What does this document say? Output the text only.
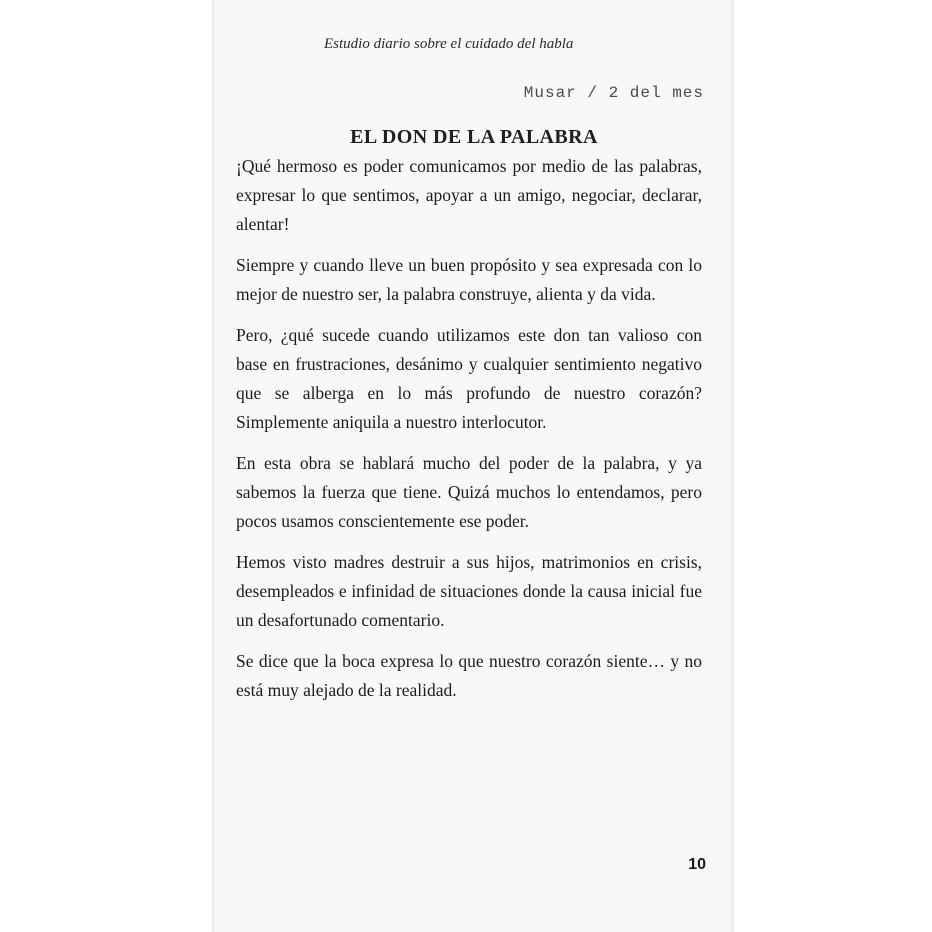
Estudio diario sobre el cuidado del habla
Musar / 2 del mes
EL DON DE LA PALABRA

¡Qué hermoso es poder comunicamos por medio de las palabras, expresar lo que sentimos, apoyar a un amigo, negociar, declarar, alentar!

Siempre y cuando lleve un buen propósito y sea expresada con lo mejor de nuestro ser, la palabra construye, alienta y da vida.

Pero, ¿qué sucede cuando utilizamos este don tan valioso con base en frustraciones, desánimo y cualquier sentimiento negativo que se alberga en lo más profundo de nuestro corazón? Simplemente aniquila a nuestro interlocutor.

En esta obra se hablará mucho del poder de la palabra, y ya sabemos la fuerza que tiene. Quizá muchos lo entendamos, pero pocos usamos conscientemente ese poder.

Hemos visto madres destruir a sus hijos, matrimonios en crisis, desempleados e infinidad de situaciones donde la causa inicial fue un desafortunado comentario.

Se dice que la boca expresa lo que nuestro corazón siente… y no está muy alejado de la realidad.

10
